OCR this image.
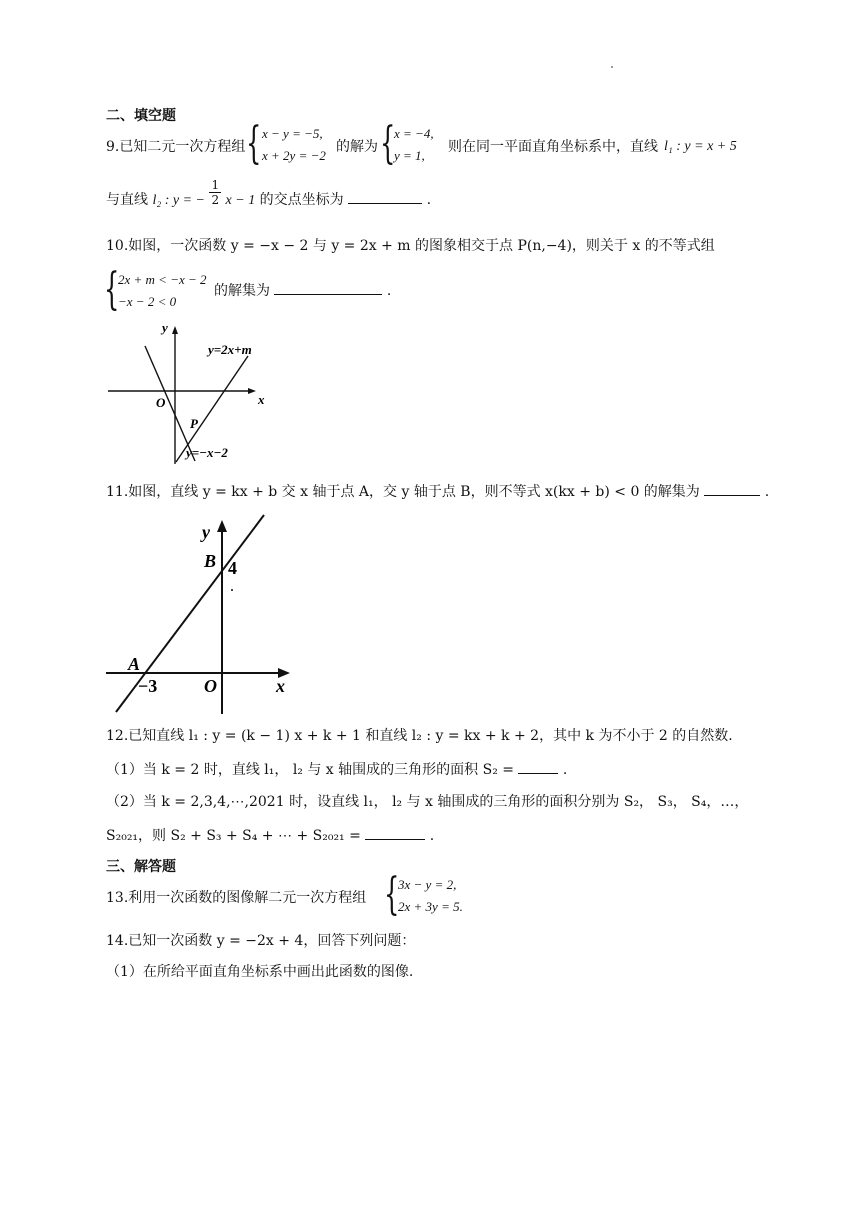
二、填空题
9.已知二元一次方程组 { x − y = −5,
x + 2y = −2
的解为 {
x = −4,
y = 1,
则在同一平面直角坐标系中，直线 l₁ : y = x + 5
与直线 l₂ : y = − $\frac{1}{2}$ x − 1 的交点坐标为	.
10.如图，一次函数 y = −x − 2 与 y = 2x + m 的图象相交于点 P(n,−4)，则关于 x 的不等式组
{
2x + m < −x − 2
−x − 2 < 0
的解集为	.
y
x
O
P
y=2x+m
y=−x−2
11.如图，直线 y = kx + b 交 x 轴于点 A，交 y 轴于点 B，则不等式 x(kx + b) < 0 的解集为	.
y
x
B 4
A
−3	O
12.已知直线 l₁ : y = (k − 1) x + k + 1 和直线 l₂ : y = kx + k + 2，其中 k 为不小于 2 的自然数.
（1）当 k = 2 时，直线 l₁， l₂ 与 x 轴围成的三角形的面积 S₂ =	.
（2）当 k = 2,3,4,⋯,2021 时，设直线 l₁， l₂ 与 x 轴围成的三角形的面积分别为 S₂， S₃， S₄，…，
S₂₀₂₁，则 S₂ + S₃ + S₄ + ⋯ + S₂₀₂₁ =	.
三、解答题
13.利用一次函数的图像解二元一次方程组 {
3x − y = 2,
2x + 3y = 5.
14.已知一次函数 y = −2x + 4，回答下列问题：
（1）在所给平面直角坐标系中画出此函数的图像.
